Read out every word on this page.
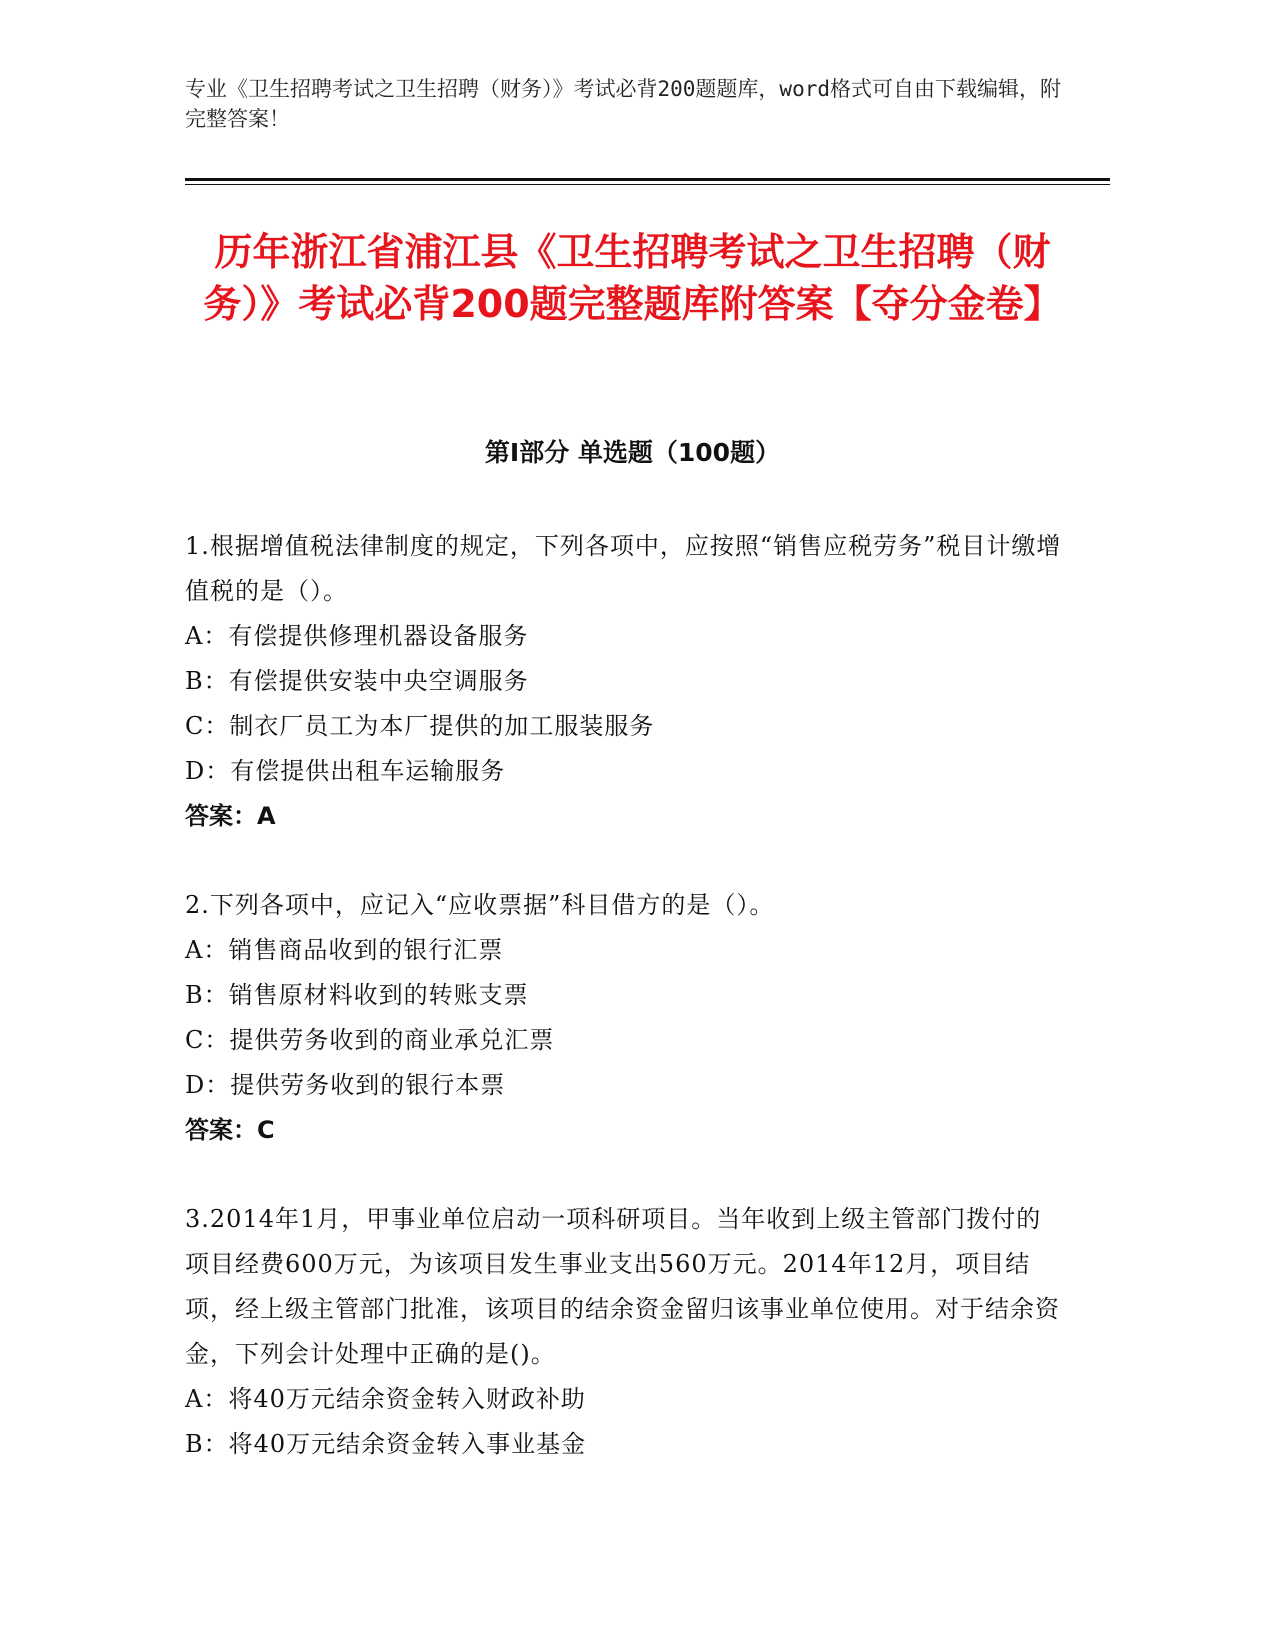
专业《卫生招聘考试之卫生招聘（财务）》考试必背200题题库，word格式可自由下载编辑，附完整答案！
历年浙江省浦江县《卫生招聘考试之卫生招聘（财务）》考试必背200题完整题库附答案【夺分金卷】
第Ⅰ部分 单选题（100题）
1.根据增值税法律制度的规定，下列各项中，应按照“销售应税劳务”税目计缴增值税的是（）。
A：有偿提供修理机器设备服务
B：有偿提供安装中央空调服务
C：制衣厂员工为本厂提供的加工服装服务
D：有偿提供出租车运输服务
答案：A
2.下列各项中，应记入“应收票据”科目借方的是（）。
A：销售商品收到的银行汇票
B：销售原材料收到的转账支票
C：提供劳务收到的商业承兑汇票
D：提供劳务收到的银行本票
答案：C
3.2014年1月，甲事业单位启动一项科研项目。当年收到上级主管部门拨付的项目经费600万元，为该项目发生事业支出560万元。2014年12月，项目结项，经上级主管部门批准，该项目的结余资金留归该事业单位使用。对于结余资金，下列会计处理中正确的是()。
A：将40万元结余资金转入财政补助
B：将40万元结余资金转入事业基金
